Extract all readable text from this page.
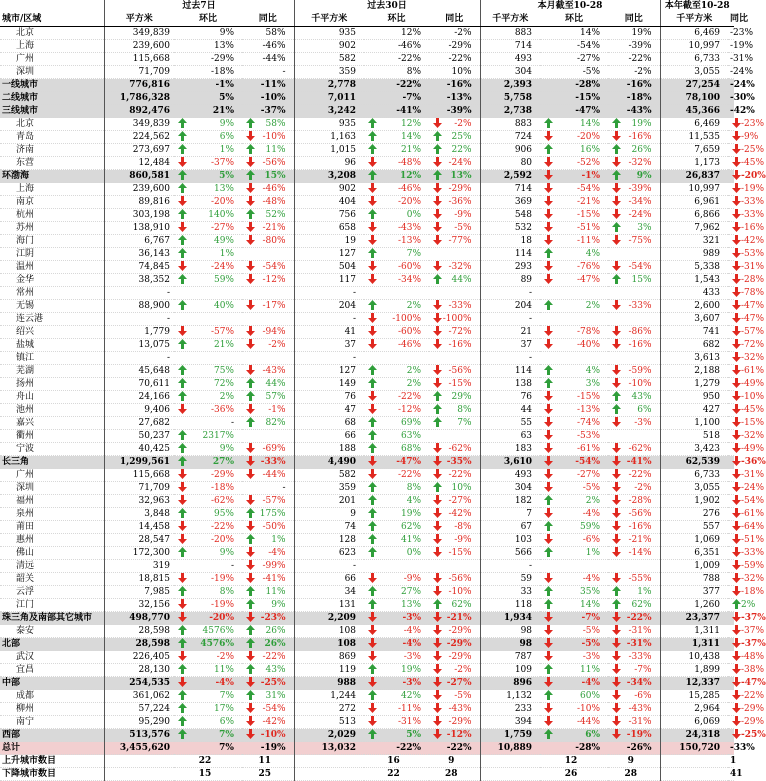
	过去7日			过去30日			本月截至10-28			本年截至10-28	
城市/区域	平方米	环比	同比	千平方米	环比	同比	千平方米	环比	同比	千平方米	同比
北京	349,839	9%	58%	935	12%	-2%	883	14%	19%	6,469	-23%
上海	239,600	13%	-46%	902	-46%	-29%	714	-54%	-39%	10,997	-19%
广州	115,668	-29%	-44%	582	-22%	-22%	493	-27%	-22%	6,733	-31%
深圳	71,709	-18%	-	359	8%	10%	304	-5%	-2%	3,055	-24%
一线城市	776,816	-1%	-11%	2,778	-22%	-16%	2,393	-28%	-16%	27,254	-24%
二线城市	1,786,328	5%	-10%	7,011	-7%	-13%	5,758	-15%	-18%	78,100	-30%
三线城市	892,476	21%	-37%	3,242	-41%	-39%	2,738	-47%	-43%	45,366	-42%
北京	349,839	9%	58%	935	12%	-2%	883	14%	19%	6,469	-23%
青岛	224,562	6%	-10%	1,163	14%	25%	724	-20%	-16%	11,535	-9%
济南	273,697	1%	11%	1,015	21%	22%	906	16%	26%	7,659	-25%
东营	12,484	-37%	-56%	96	-48%	-24%	80	-52%	-32%	1,173	-45%
环渤海	860,581	5%	15%	3,208	12%	13%	2,592	-1%	9%	26,837	-20%
上海	239,600	13%	-46%	902	-46%	-29%	714	-54%	-39%	10,997	-19%
南京	89,816	-20%	-48%	404	-20%	-36%	369	-21%	-34%	6,961	-33%
杭州	303,198	140%	52%	756	0%	-9%	548	-15%	-24%	6,866	-33%
苏州	138,910	-27%	-21%	658	-43%	-5%	532	-51%	3%	7,962	-16%
海门	6,767	49%	-80%	19	-13%	-77%	18	-11%	-75%	321	-42%
江阴	36,143	1%		127	7%		114	4%		989	-53%
温州	74,845	-24%	-54%	504	-60%	-32%	293	-76%	-54%	5,338	-31%
金华	38,352	59%	-12%	117	-34%	44%	89	-47%	15%	1,543	-28%
常州	-			-			-			433	-78%
无锡	88,900	40%	-17%	204	2%	-33%	204	2%	-33%	2,600	-47%
连云港	-			-	-100%	-100%	-			3,607	-47%
绍兴	1,779	-57%	-94%	41	-60%	-72%	21	-78%	-86%	741	-57%
盐城	13,075	21%	-2%	37	-46%	-16%	37	-40%	-16%	682	-72%
镇江	-			-			-			3,613	-32%
芜湖	45,648	75%	-43%	127	2%	-56%	114	4%	-59%	2,188	-61%
扬州	70,611	72%	44%	149	2%	-15%	138	3%	-10%	1,279	-49%
舟山	24,166	2%	57%	76	-22%	29%	76	-15%	43%	950	-10%
池州	9,406	-36%	-1%	47	-12%	8%	44	-13%	6%	427	-45%
嘉兴	27,682	-	82%	68	69%	7%	55	-74%	-3%	1,100	-15%
衢州	50,237	2317%		66	63%		63	-53%		518	-32%
宁波	40,425	9%	-69%	188	68%	-62%	183	-61%	-62%	3,423	-49%
长三角	1,299,561	27%	-33%	4,490	-47%	-35%	3,610	-54%	-41%	62,539	-36%
广州	115,668	-29%	-44%	582	-22%	-22%	493	-27%	-22%	6,733	-31%
深圳	71,709	-18%	-	359	8%	10%	304	-5%	-2%	3,055	-24%
福州	32,963	-62%	-57%	201	4%	-27%	182	2%	-28%	1,902	-54%
泉州	3,848	95%	175%	9	19%	-42%	7	-4%	-56%	276	-61%
莆田	14,458	-22%	-50%	74	62%	-8%	67	59%	-16%	557	-64%
惠州	28,547	-20%	1%	128	41%	-9%	103	-6%	-21%	1,069	-51%
佛山	172,300	9%	-4%	623	0%	-15%	566	1%	-14%	6,351	-33%
清远	319	-	-99%	-			-			1,009	-59%
韶关	18,815	-19%	-41%	66	-9%	-56%	59	-4%	-55%	788	-32%
云浮	7,985	8%	11%	34	27%	-10%	33	35%	1%	377	-18%
江门	32,156	-19%	9%	131	13%	62%	118	14%	62%	1,260	2%
珠三角及南部其它城市	498,770	-20%	-23%	2,209	-3%	-21%	1,934	-7%	-22%	23,377	-37%
泰安	28,598	4576%	26%	108	-4%	-29%	98	-5%	-31%	1,311	-37%
北部	28,598	4576%	26%	108	-4%	-29%	98	-5%	-31%	1,311	-37%
武汉	226,405	-2%	-22%	869	-3%	-29%	787	-3%	-33%	10,438	-48%
宜昌	28,130	11%	43%	119	19%	-2%	109	11%	-7%	1,899	-38%
中部	254,535	-4%	-25%	988	-3%	-27%	896	-4%	-34%	12,337	-47%
成都	361,062	7%	31%	1,244	42%	-5%	1,132	60%	-6%	15,285	-22%
柳州	57,224	17%	-54%	272	-11%	-43%	233	-10%	-43%	2,964	-29%
南宁	95,290	6%	-42%	513	-31%	-29%	394	-44%	-31%	6,069	-29%
西部	513,576	7%	-10%	2,029	5%	-12%	1,759	6%	-19%	24,318	-25%
总计	3,455,620	7%	-19%	13,032	-22%	-22%	10,889	-28%	-26%	150,720	-33%
上升城市数目		22	11		16	9		12	9		1
下降城市数目		15	25		22	28		26	28		41
